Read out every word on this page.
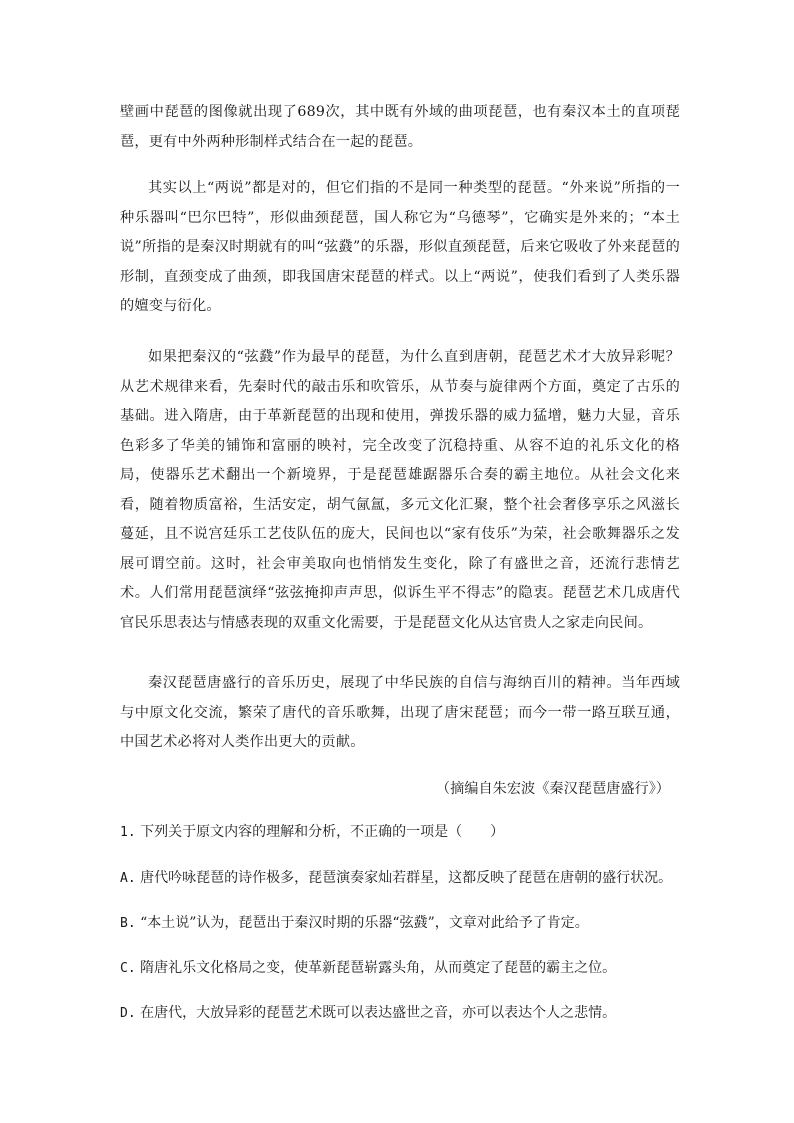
壁画中琵琶的图像就出现了689次，其中既有外域的曲项琵琶，也有秦汉本土的直项琵琶，更有中外两种形制样式结合在一起的琵琶。

其实以上“两说”都是对的，但它们指的不是同一种类型的琵琶。“外来说”所指的一种乐器叫“巴尔巴特”，形似曲颈琵琶，国人称它为“乌德琴”，它确实是外来的；“本土说”所指的是秦汉时期就有的叫“弦鼗”的乐器，形似直颈琵琶，后来它吸收了外来琵琶的形制，直颈变成了曲颈，即我国唐宋琵琶的样式。以上“两说”，使我们看到了人类乐器的嬗变与衍化。

如果把秦汉的“弦鼗”作为最早的琵琶，为什么直到唐朝，琵琶艺术才大放异彩呢？从艺术规律来看，先秦时代的敲击乐和吹管乐，从节奏与旋律两个方面，奠定了古乐的基础。进入隋唐，由于革新琵琶的出现和使用，弹拨乐器的威力猛增，魅力大显，音乐色彩多了华美的铺饰和富丽的映衬，完全改变了沉稳持重、从容不迫的礼乐文化的格局，使器乐艺术翻出一个新境界，于是琵琶雄踞器乐合奏的霸主地位。从社会文化来看，随着物质富裕，生活安定，胡气氤氲，多元文化汇聚，整个社会奢侈享乐之风滋长蔓延，且不说宫廷乐工艺伎队伍的庞大，民间也以“家有伎乐”为荣，社会歌舞器乐之发展可谓空前。这时，社会审美取向也悄悄发生变化，除了有盛世之音，还流行悲情艺术。人们常用琵琶演绎“弦弦掩抑声声思，似诉生平不得志”的隐衷。琵琶艺术几成唐代官民乐思表达与情感表现的双重文化需要，于是琵琶文化从达官贵人之家走向民间。

秦汉琵琶唐盛行的音乐历史，展现了中华民族的自信与海纳百川的精神。当年西域与中原文化交流，繁荣了唐代的音乐歌舞，出现了唐宋琵琶；而今一带一路互联互通，中国艺术必将对人类作出更大的贡献。

（摘编自朱宏波《秦汉琵琶唐盛行》）

1. 下列关于原文内容的理解和分析，不正确的一项是（　　）

A. 唐代吟咏琵琶的诗作极多，琵琶演奏家灿若群星，这都反映了琵琶在唐朝的盛行状况。

B. “本土说”认为，琵琶出于秦汉时期的乐器“弦鼗”，文章对此给予了肯定。

C. 隋唐礼乐文化格局之变，使革新琵琶崭露头角，从而奠定了琵琶的霸主之位。

D. 在唐代，大放异彩的琵琶艺术既可以表达盛世之音，亦可以表达个人之悲情。
